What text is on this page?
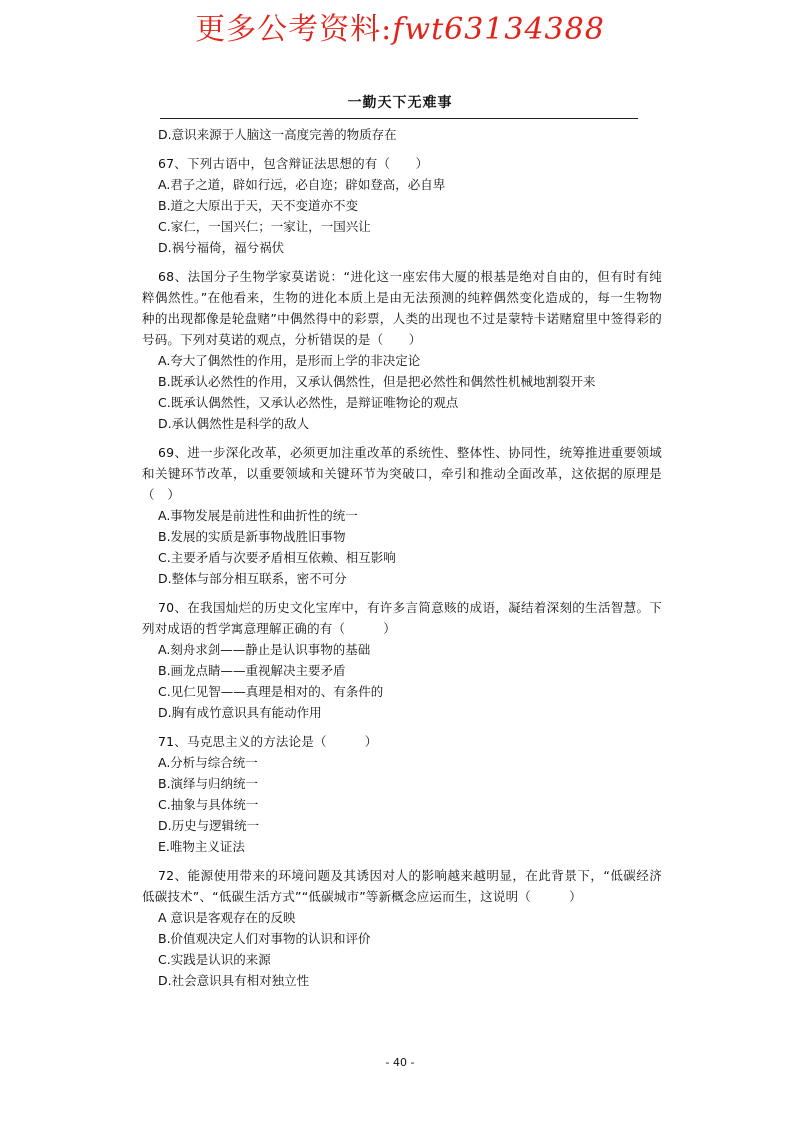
更多公考资料:fwt63134388
一勤天下无难事
D.意识来源于人脑这一高度完善的物质存在
67、下列古语中，包含辩证法思想的有（　　）
A.君子之道，辟如行远，必自迩；辟如登高，必自卑
B.道之大原出于天，天不变道亦不变
C.家仁，一国兴仁；一家让，一国兴让
D.祸兮福倚，福兮祸伏
68、法国分子生物学家莫诺说：“进化这一座宏伟大厦的根基是绝对自由的，但有时有纯粹偶然性。”在他看来，生物的进化本质上是由无法预测的纯粹偶然变化造成的，每一生物物种的出现都像是轮盘赌”中偶然得中的彩票，人类的出现也不过是蒙特卡诺赌窟里中签得彩的号码。下列对莫诺的观点，分析错误的是（　　）
A.夸大了偶然性的作用，是形而上学的非决定论
B.既承认必然性的作用，又承认偶然性，但是把必然性和偶然性机械地割裂开来
C.既承认偶然性，又承认必然性，是辩证唯物论的观点
D.承认偶然性是科学的敌人
69、进一步深化改革，必须更加注重改革的系统性、整体性、协同性，统筹推进重要领域和关键环节改革，以重要领域和关键环节为突破口，牵引和推动全面改革，这依据的原理是（　）
A.事物发展是前进性和曲折性的统一
B.发展的实质是新事物战胜旧事物
C.主要矛盾与次要矛盾相互依赖、相互影响
D.整体与部分相互联系，密不可分
70、在我国灿烂的历史文化宝库中，有许多言简意赅的成语，凝结着深刻的生活智慧。下列对成语的哲学寓意理解正确的有（　　　）
A.刻舟求剑——静止是认识事物的基础
B.画龙点睛——重视解决主要矛盾
C.见仁见智——真理是相对的、有条件的
D.胸有成竹意识具有能动作用
71、马克思主义的方法论是（　　　）
A.分析与综合统一
B.演绎与归纳统一
C.抽象与具体统一
D.历史与逻辑统一
E.唯物主义证法
72、能源使用带来的环境问题及其诱因对人的影响越来越明显，在此背景下，“低碳经济低碳技术”、“低碳生活方式”“低碳城市”等新概念应运而生，这说明（　　　）
A 意识是客观存在的反映
B.价值观决定人们对事物的认识和评价
C.实践是认识的来源
D.社会意识具有相对独立性
- 40 -
